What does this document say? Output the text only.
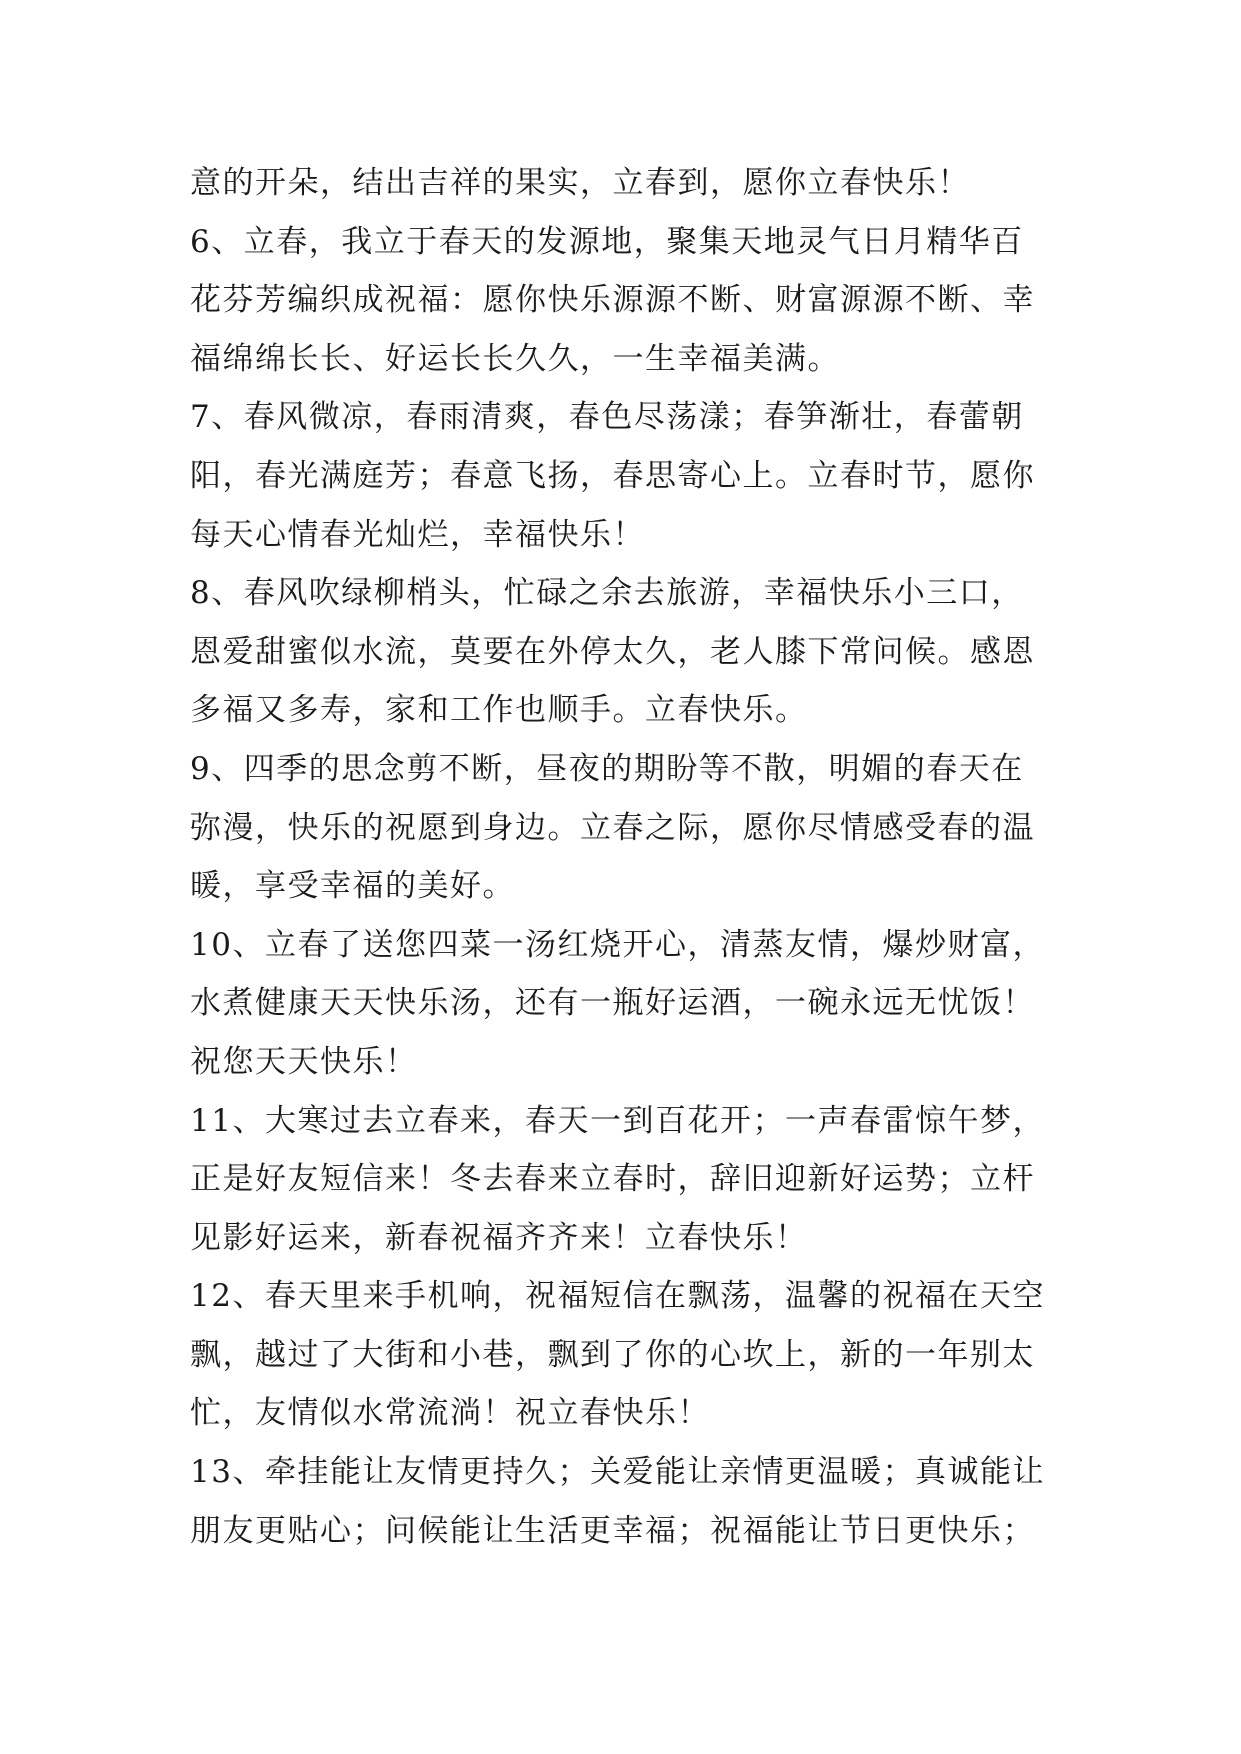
意的开朵，结出吉祥的果实，立春到，愿你立春快乐！
6、立春，我立于春天的发源地，聚集天地灵气日月精华百
花芬芳编织成祝福：愿你快乐源源不断、财富源源不断、幸
福绵绵长长、好运长长久久，一生幸福美满。
7、春风微凉，春雨清爽，春色尽荡漾；春笋渐壮，春蕾朝
阳，春光满庭芳；春意飞扬，春思寄心上。立春时节，愿你
每天心情春光灿烂，幸福快乐！
8、春风吹绿柳梢头，忙碌之余去旅游，幸福快乐小三口，
恩爱甜蜜似水流，莫要在外停太久，老人膝下常问候。感恩
多福又多寿，家和工作也顺手。立春快乐。
9、四季的思念剪不断，昼夜的期盼等不散，明媚的春天在
弥漫，快乐的祝愿到身边。立春之际，愿你尽情感受春的温
暖，享受幸福的美好。
10、立春了送您四菜一汤红烧开心，清蒸友情，爆炒财富，
水煮健康天天快乐汤，还有一瓶好运酒，一碗永远无忧饭！
祝您天天快乐！
11、大寒过去立春来，春天一到百花开；一声春雷惊午梦，
正是好友短信来！冬去春来立春时，辞旧迎新好运势；立杆
见影好运来，新春祝福齐齐来！立春快乐！
12、春天里来手机响，祝福短信在飘荡，温馨的祝福在天空
飘，越过了大街和小巷，飘到了你的心坎上，新的一年别太
忙，友情似水常流淌！祝立春快乐！
13、牵挂能让友情更持久；关爱能让亲情更温暖；真诚能让
朋友更贴心；问候能让生活更幸福；祝福能让节日更快乐；
